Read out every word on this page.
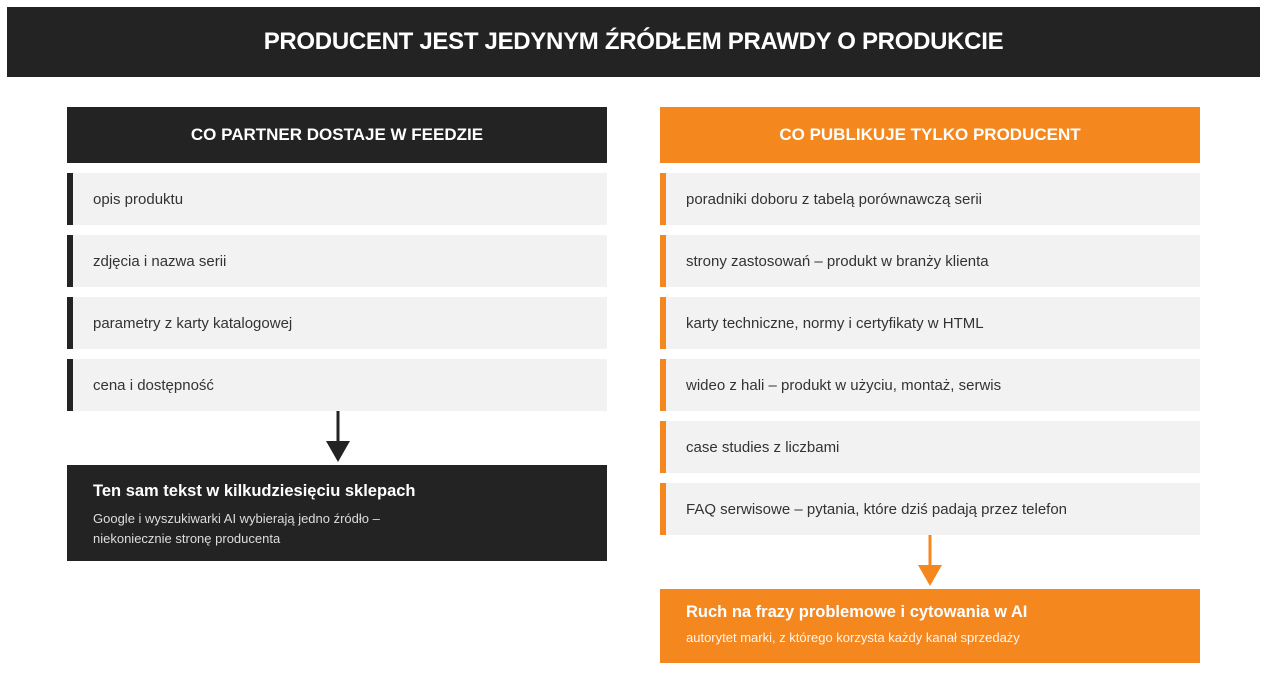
PRODUCENT JEST JEDYNYM ŹRÓDŁEM PRAWDY O PRODUKCIE
CO PARTNER DOSTAJE W FEEDZIE
opis produktu
zdjęcia i nazwa serii
parametry z karty katalogowej
cena i dostępność
Ten sam tekst w kilkudziesięciu sklepach
Google i wyszukiwarki AI wybierają jedno źródło –
niekoniecznie stronę producenta
CO PUBLIKUJE TYLKO PRODUCENT
poradniki doboru z tabelą porównawczą serii
strony zastosowań – produkt w branży klienta
karty techniczne, normy i certyfikaty w HTML
wideo z hali – produkt w użyciu, montaż, serwis
case studies z liczbami
FAQ serwisowe – pytania, które dziś padają przez telefon
Ruch na frazy problemowe i cytowania w AI
autorytet marki, z którego korzysta każdy kanał sprzedaży
